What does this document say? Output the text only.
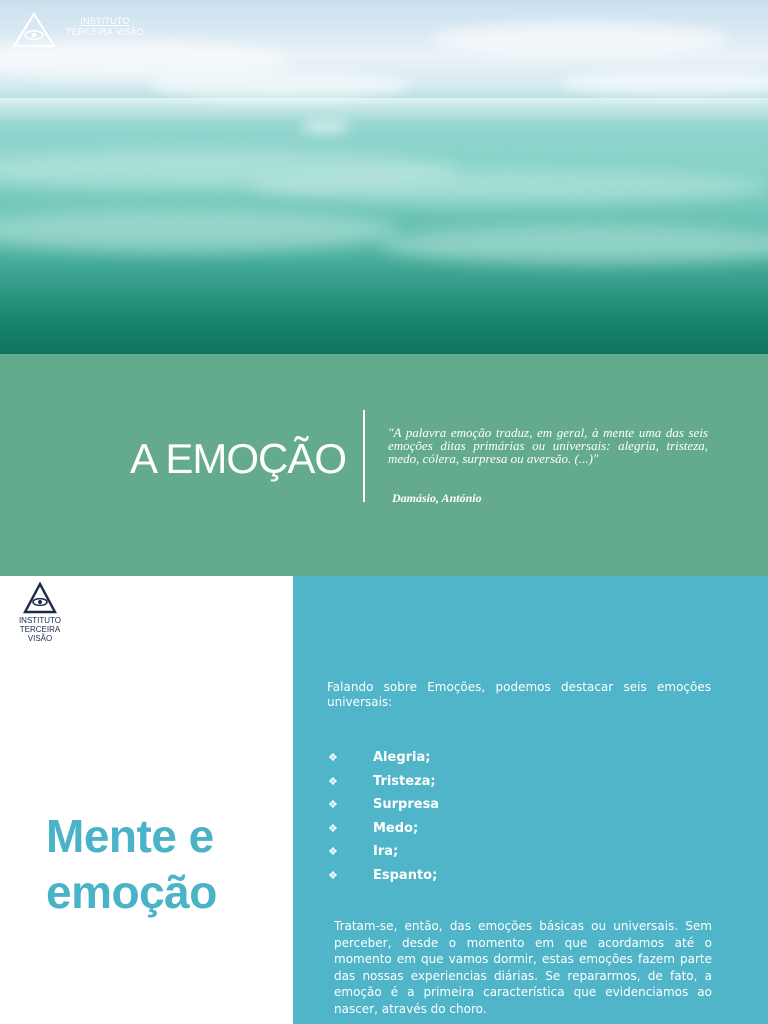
INSTITUTO
TERCEIRA VISÃO
A EMOÇÃO
"A palavra emoção traduz, em geral, à mente uma das seis emoções ditas primárias ou universais: alegria, tristeza, medo, cólera, surpresa ou aversão. (...)"
Damásio, António
INSTITUTO
TERCEIRA VISÃO
Mente e
emoção
Falando sobre Emoções, podemos destacar seis emoções universais:
❖	Alegria;
❖	Tristeza;
❖	Surpresa
❖	Medo;
❖	Ira;
❖	Espanto;
Tratam-se, então, das emoções básicas ou universais. Sem perceber, desde o momento em que acordamos até o momento em que vamos dormir, estas emoções fazem parte das nossas experiencias diárias. Se repararmos, de fato, a emoção é a primeira característica que evidenciamos ao nascer, através do choro.
